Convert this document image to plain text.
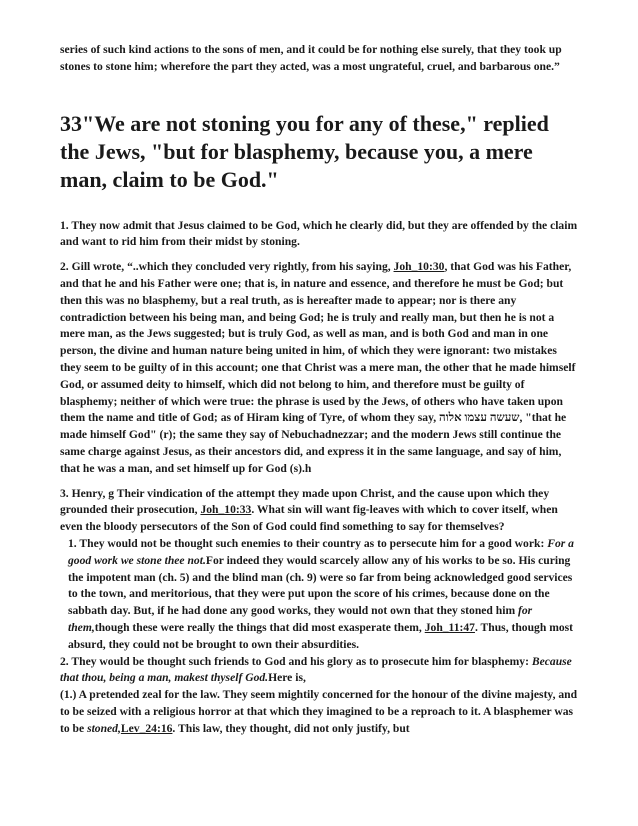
series of such kind actions to the sons of men, and it could be for nothing else surely, that they took up stones to stone him; wherefore the part they acted, was a most ungrateful, cruel, and barbarous one.”

33"We are not stoning you for any of these," replied the Jews, "but for blasphemy, because you, a mere man, claim to be God."

1. They now admit that Jesus claimed to be God, which he clearly did, but they are offended by the claim and want to rid him from their midst by stoning.

2. Gill wrote, “..which they concluded very rightly, from his saying, Joh_10:30, that God was his Father, and that he and his Father were one; that is, in nature and essence, and therefore he must be God; but then this was no blasphemy, but a real truth, as is hereafter made to appear; nor is there any contradiction between his being man, and being God; he is truly and really man, but then he is not a mere man, as the Jews suggested; but is truly God, as well as man, and is both God and man in one person, the divine and human nature being united in him, of which they were ignorant: two mistakes they seem to be guilty of in this account; one that Christ was a mere man, the other that he made himself God, or assumed deity to himself, which did not belong to him, and therefore must be guilty of blasphemy; neither of which were true: the phrase is used by the Jews, of others who have taken upon them the name and title of God; as of Hiram king of Tyre, of whom they say, שעשה עצמו אלוה, "that he made himself God" (r); the same they say of Nebuchadnezzar; and the modern Jews still continue the same charge against Jesus, as their ancestors did, and express it in the same language, and say of him, that he was a man, and set himself up for God (s).h

3. Henry, g Their vindication of the attempt they made upon Christ, and the cause upon which they grounded their prosecution, Joh_10:33. What sin will want fig-leaves with which to cover itself, when even the bloody persecutors of the Son of God could find something to say for themselves?

1. They would not be thought such enemies to their country as to persecute him for a good work: For a good work we stone thee not.For indeed they would scarcely allow any of his works to be so. His curing the impotent man (ch. 5) and the blind man (ch. 9) were so far from being acknowledged good services to the town, and meritorious, that they were put upon the score of his crimes, because done on the sabbath day. But, if he had done any good works, they would not own that they stoned him for them,though these were really the things that did most exasperate them, Joh_11:47. Thus, though most absurd, they could not be brought to own their absurdities.

2. They would be thought such friends to God and his glory as to prosecute him for blasphemy: Because that thou, being a man, makest thyself God.Here is,

(1.) A pretended zeal for the law. They seem mightily concerned for the honour of the divine majesty, and to be seized with a religious horror at that which they imagined to be a reproach to it. A blasphemer was to be stoned,Lev_24:16. This law, they thought, did not only justify, but
